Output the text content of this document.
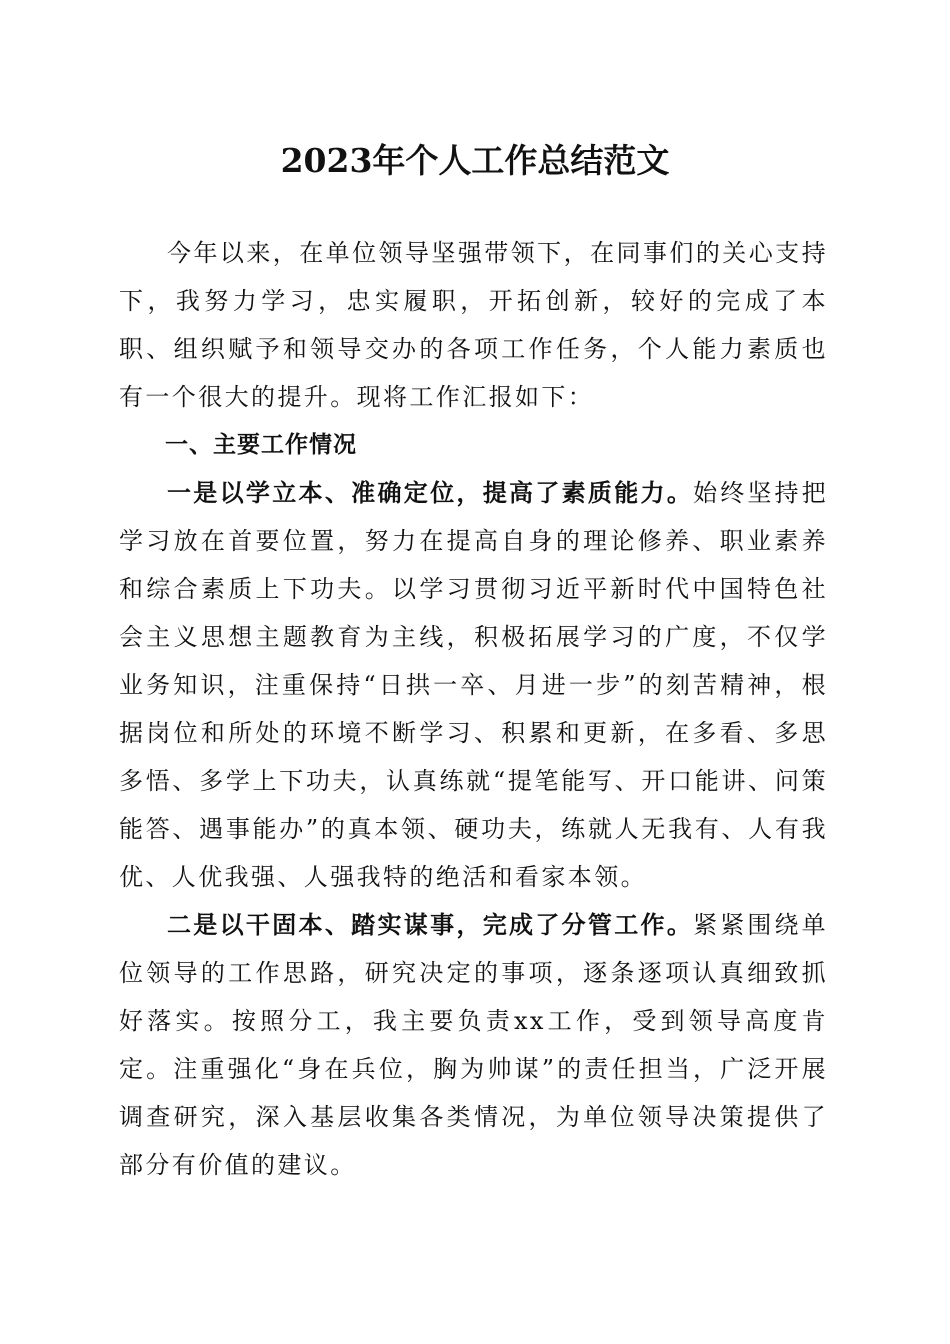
2023年个人工作总结范文

今年以来，在单位领导坚强带领下，在同事们的关心支持下，我努力学习，忠实履职，开拓创新，较好的完成了本职、组织赋予和领导交办的各项工作任务，个人能力素质也有一个很大的提升。现将工作汇报如下：

一、主要工作情况

一是以学立本、准确定位，提高了素质能力。始终坚持把学习放在首要位置，努力在提高自身的理论修养、职业素养和综合素质上下功夫。以学习贯彻习近平新时代中国特色社会主义思想主题教育为主线，积极拓展学习的广度，不仅学业务知识，注重保持“日拱一卒、月进一步”的刻苦精神，根据岗位和所处的环境不断学习、积累和更新，在多看、多思多悟、多学上下功夫，认真练就“提笔能写、开口能讲、问策能答、遇事能办”的真本领、硬功夫，练就人无我有、人有我优、人优我强、人强我特的绝活和看家本领。

二是以干固本、踏实谋事，完成了分管工作。紧紧围绕单位领导的工作思路，研究决定的事项，逐条逐项认真细致抓好落实。按照分工，我主要负责xx工作，受到领导高度肯定。注重强化“身在兵位，胸为帅谋”的责任担当，广泛开展调查研究，深入基层收集各类情况，为单位领导决策提供了部分有价值的建议。
